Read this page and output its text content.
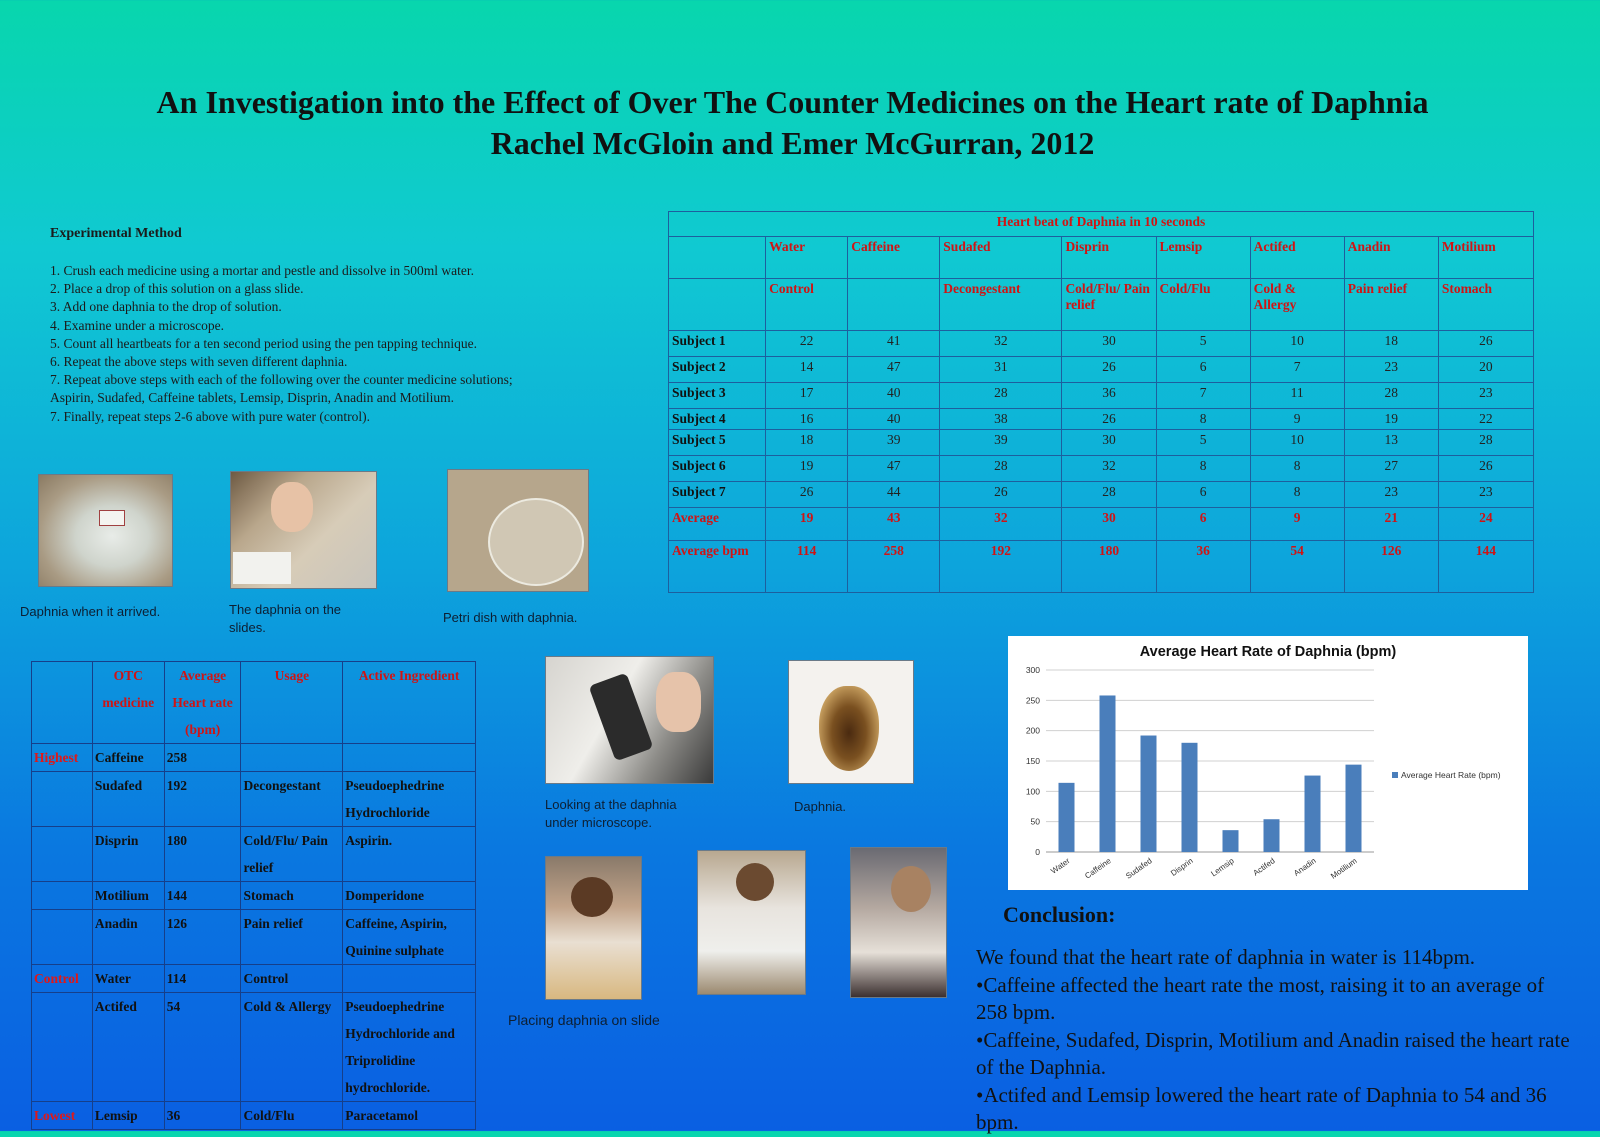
An Investigation into the Effect of Over The Counter Medicines on the Heart rate of Daphnia
Rachel McGloin and Emer McGurran, 2012
Experimental Method
1. Crush each medicine using a mortar and pestle and dissolve in 500ml water.
2. Place a drop of this solution on a glass slide.
3. Add one daphnia to the drop of solution.
4. Examine under a microscope.
5. Count all heartbeats for a ten second period using the pen tapping technique.
6. Repeat the above steps with seven different daphnia.
7. Repeat above steps with each of the following over the counter medicine solutions;
Aspirin, Sudafed, Caffeine tablets, Lemsip, Disprin, Anadin and Motilium.
7. Finally, repeat steps 2-6 above with pure water (control).
Heart beat of Daphnia in 10 seconds								
	Water	Caffeine	Sudafed	Disprin	Lemsip	Actifed	Anadin	Motilium
	Control		Decongestant	Cold/Flu/ Pain relief	Cold/Flu	Cold & Allergy	Pain relief	Stomach
Subject 1	22	41	32	30	5	10	18	26
Subject 2	14	47	31	26	6	7	23	20
Subject 3	17	40	28	36	7	11	28	23
Subject 4	16	40	38	26	8	9	19	22
Subject 5	18	39	39	30	5	10	13	28
Subject 6	19	47	28	32	8	8	27	26
Subject 7	26	44	26	28	6	8	23	23
Average	19	43	32	30	6	9	21	24
Average bpm	114	258	192	180	36	54	126	144
Daphnia when it arrived.	The daphnia on the slides.
Petri dish with daphnia.
	OTC medicine	Average Heart rate (bpm)	Usage	Active Ingredient
Highest	Caffeine	258		
	Sudafed	192	Decongestant	Pseudoephedrine Hydrochloride
	Disprin	180	Cold/Flu/ Pain relief	Aspirin.
	Motilium	144	Stomach	Domperidone
	Anadin	126	Pain relief	Caffeine, Aspirin, Quinine sulphate
Control	Water	114	Control	
	Actifed	54	Cold & Allergy	Pseudoephedrine Hydrochloride and Triprolidine hydrochloride.
Lowest	Lemsip	36	Cold/Flu	Paracetamol
Looking at the daphnia under microscope.
Daphnia.
Placing daphnia on slide
Average Heart Rate of Daphnia (bpm)
0
50
100
150
200
250
300
Water Caffeine Sudafed Disprin Lemsip Actifed Anadin Motilium
Average Heart Rate (bpm)
Conclusion:
We found that the heart rate of daphnia in water is 114bpm.
•Caffeine affected the heart rate the most, raising it to an average of 258 bpm.
•Caffeine, Sudafed, Disprin, Motilium and Anadin raised the heart rate of the Daphnia.
•Actifed and Lemsip lowered the heart rate of Daphnia to 54 and 36 bpm.
